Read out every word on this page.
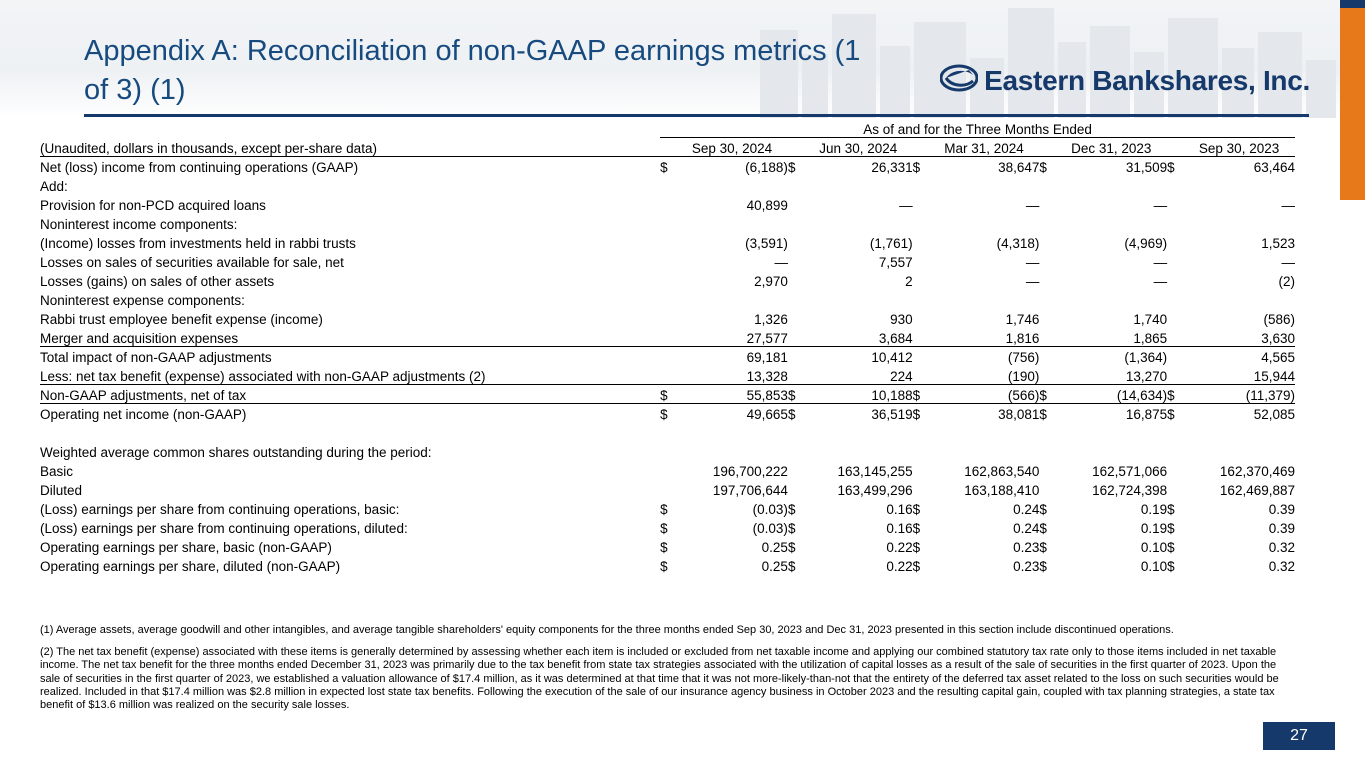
Appendix A: Reconciliation of non-GAAP earnings metrics (1 of 3) (1)	Eastern Bankshares, Inc.
	As of and for the Three Months Ended									
(Unaudited, dollars in thousands, except per-share data)		Sep 30, 2024		Jun 30, 2024		Mar 31, 2024		Dec 31, 2023		Sep 30, 2023
Net (loss) income from continuing operations (GAAP)	$	(6,188)	$	26,331	$	38,647	$	31,509	$	63,464
Add:										
Provision for non-PCD acquired loans		40,899		—		—		—		—
Noninterest income components:										
(Income) losses from investments held in rabbi trusts		(3,591)		(1,761)		(4,318)		(4,969)		1,523
Losses on sales of securities available for sale, net		—		7,557		—		—		—
Losses (gains) on sales of other assets		2,970		2		—		—		(2)
Noninterest expense components:										
Rabbi trust employee benefit expense (income)		1,326		930		1,746		1,740		(586)
Merger and acquisition expenses		27,577		3,684		1,816		1,865		3,630
Total impact of non-GAAP adjustments		69,181		10,412		(756)		(1,364)		4,565
Less: net tax benefit (expense) associated with non-GAAP adjustments (2)		13,328		224		(190)		13,270		15,944
Non-GAAP adjustments, net of tax	$	55,853	$	10,188	$	(566)	$	(14,634)	$	(11,379)
Operating net income (non-GAAP)	$	49,665	$	36,519	$	38,081	$	16,875	$	52,085

Weighted average common shares outstanding during the period:										
Basic		196,700,222		163,145,255		162,863,540		162,571,066		162,370,469
Diluted		197,706,644		163,499,296		163,188,410		162,724,398		162,469,887
(Loss) earnings per share from continuing operations, basic:	$	(0.03)	$	0.16	$	0.24	$	0.19	$	0.39
(Loss) earnings per share from continuing operations, diluted:	$	(0.03)	$	0.16	$	0.24	$	0.19	$	0.39
Operating earnings per share, basic (non-GAAP)	$	0.25	$	0.22	$	0.23	$	0.10	$	0.32
Operating earnings per share, diluted (non-GAAP)	$	0.25	$	0.22	$	0.23	$	0.10	$	0.32

(1) Average assets, average goodwill and other intangibles, and average tangible shareholders' equity components for the three months ended Sep 30, 2023 and Dec 31, 2023 presented in this section include discontinued operations.

(2) The net tax benefit (expense) associated with these items is generally determined by assessing whether each item is included or excluded from net taxable income and applying our combined statutory tax rate only to those items included in net taxable income. The net tax benefit for the three months ended December 31, 2023 was primarily due to the tax benefit from state tax strategies associated with the utilization of capital losses as a result of the sale of securities in the first quarter of 2023. Upon the sale of securities in the first quarter of 2023, we established a valuation allowance of $17.4 million, as it was determined at that time that it was not more-likely-than-not that the entirety of the deferred tax asset related to the loss on such securities would be realized. Included in that $17.4 million was $2.8 million in expected lost state tax benefits. Following the execution of the sale of our insurance agency business in October 2023 and the resulting capital gain, coupled with tax planning strategies, a state tax benefit of $13.6 million was realized on the security sale losses.

27
